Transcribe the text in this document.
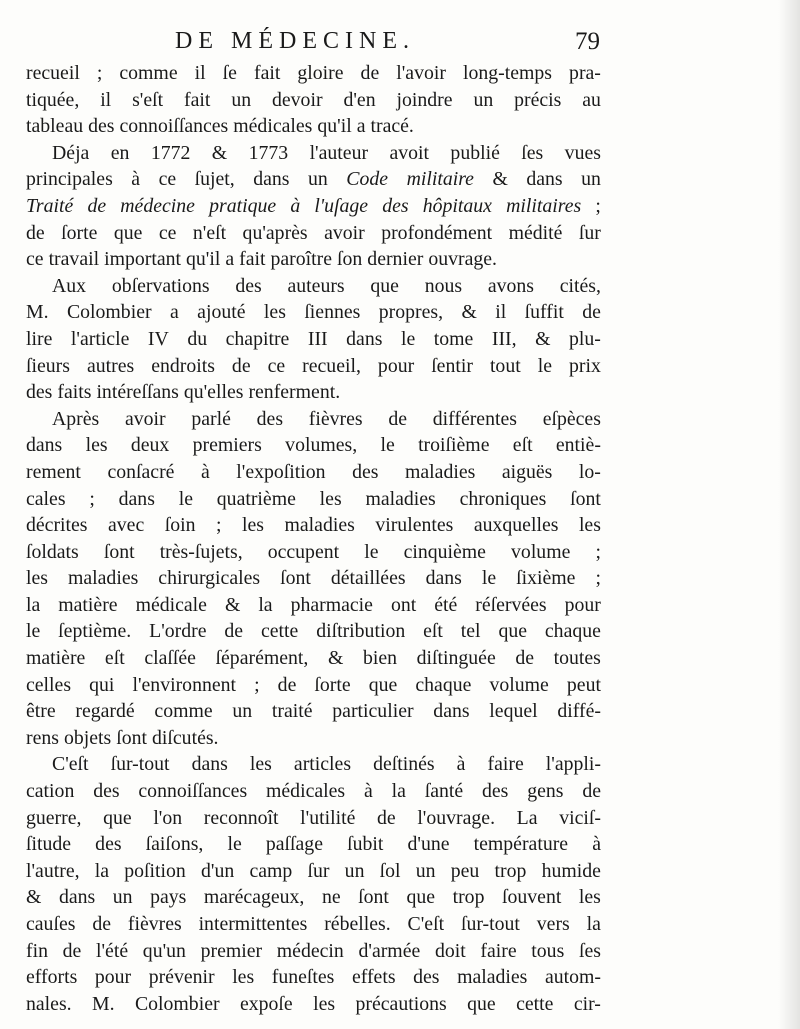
DE MÉDECINE.	79
recueil ; comme il ſe fait gloire de l'avoir long-temps pra-
tiquée, il s'eſt fait un devoir d'en joindre un précis au
tableau des connoiſſances médicales qu'il a tracé.
Déja en 1772 & 1773 l'auteur avoit publié ſes vues
principales à ce ſujet, dans un Code militaire & dans un
Traité de médecine pratique à l'uſage des hôpitaux militaires ;
de ſorte que ce n'eſt qu'après avoir profondément médité ſur
ce travail important qu'il a fait paroître ſon dernier ouvrage.
Aux obſervations des auteurs que nous avons cités,
M. Colombier a ajouté les ſiennes propres, & il ſuffit de
lire l'article IV du chapitre III dans le tome III, & plu-
ſieurs autres endroits de ce recueil, pour ſentir tout le prix
des faits intéreſſans qu'elles renferment.
Après avoir parlé des fièvres de différentes eſpèces
dans les deux premiers volumes, le troiſième eſt entiè-
rement conſacré à l'expoſition des maladies aiguës lo-
cales ; dans le quatrième les maladies chroniques ſont
décrites avec ſoin ; les maladies virulentes auxquelles les
ſoldats ſont très-ſujets, occupent le cinquième volume ;
les maladies chirurgicales ſont détaillées dans le ſixième ;
la matière médicale & la pharmacie ont été réſervées pour
le ſeptième. L'ordre de cette diſtribution eſt tel que chaque
matière eſt claſſée ſéparément, & bien diſtinguée de toutes
celles qui l'environnent ; de ſorte que chaque volume peut
être regardé comme un traité particulier dans lequel diffé-
rens objets ſont diſcutés.
C'eſt ſur-tout dans les articles deſtinés à faire l'appli-
cation des connoiſſances médicales à la ſanté des gens de
guerre, que l'on reconnoît l'utilité de l'ouvrage. La viciſ-
ſitude des ſaiſons, le paſſage ſubit d'une température à
l'autre, la poſition d'un camp ſur un ſol un peu trop humide
& dans un pays marécageux, ne ſont que trop ſouvent les
cauſes de fièvres intermittentes rébelles. C'eſt ſur-tout vers la
fin de l'été qu'un premier médecin d'armée doit faire tous ſes
efforts pour prévenir les funeſtes effets des maladies autom-
nales. M. Colombier expoſe les précautions que cette cir-
